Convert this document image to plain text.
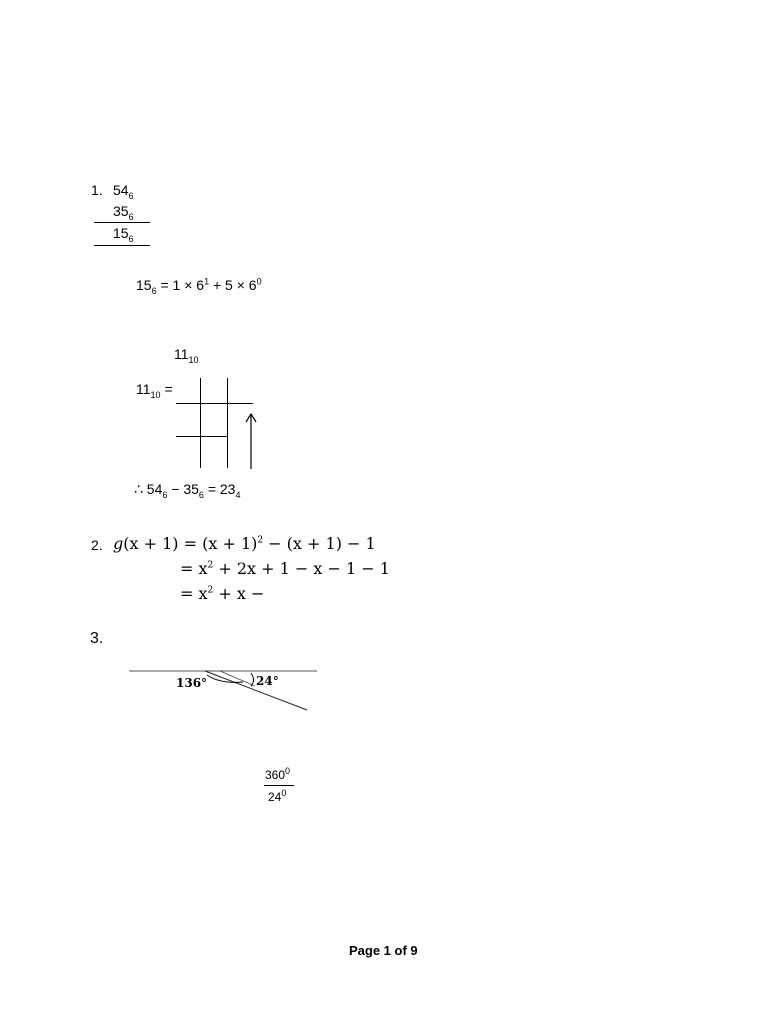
1. $54_6$
$35_6$
$15_6$
$15_6 = 1 \times 6^1 + 5 \times 6^0$
$11_{10}$
$11_{10}$ =
∴ $54_6 - 35_6 = 23_4$
2. $g(x + 1) = (x + 1)^2 - (x + 1) - 1$
= $x^2 + 2x + 1 - x - 1 - 1$
= $x^2 + x$ −
3.
136°	24°
$360^0$
$24^0$
Page 1 of 9
